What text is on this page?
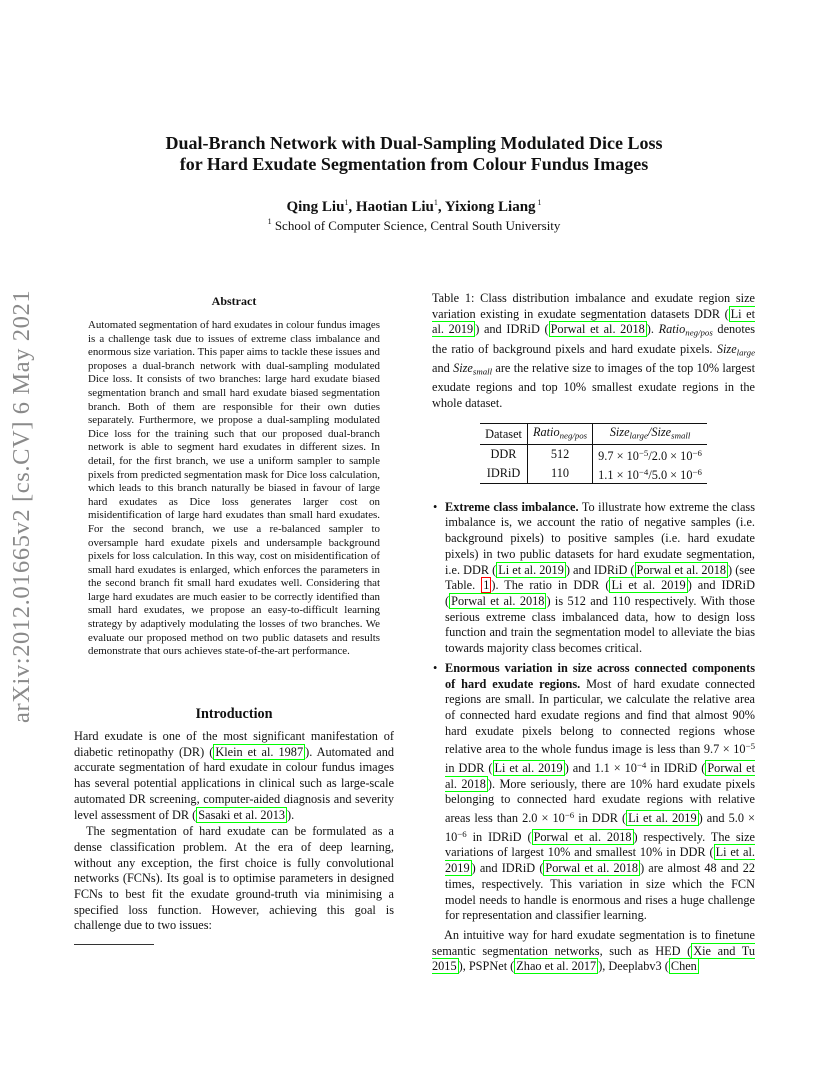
arXiv:2012.01665v2 [cs.CV] 6 May 2021
Dual-Branch Network with Dual-Sampling Modulated Dice Loss
for Hard Exudate Segmentation from Colour Fundus Images
Qing Liu$^1$, Haotian Liu$^1$, Yixiong Liang $^1$
$^1$ School of Computer Science, Central South University
Abstract
Automated segmentation of hard exudates in colour fundus images is a challenge task due to issues of extreme class imbalance and enormous size variation. This paper aims to tackle these issues and proposes a dual-branch network with dual-sampling modulated Dice loss. It consists of two branches: large hard exudate biased segmentation branch and small hard exudate biased segmentation branch. Both of them are responsible for their own duties separately. Furthermore, we propose a dual-sampling modulated Dice loss for the training such that our proposed dual-branch network is able to segment hard exudates in different sizes. In detail, for the first branch, we use a uniform sampler to sample pixels from predicted segmentation mask for Dice loss calculation, which leads to this branch naturally be biased in favour of large hard exudates as Dice loss generates larger cost on misidentification of large hard exudates than small hard exudates. For the second branch, we use a re-balanced sampler to oversample hard exudate pixels and undersample background pixels for loss calculation. In this way, cost on misidentification of small hard exudates is enlarged, which enforces the parameters in the second branch fit small hard exudates well. Considering that large hard exudates are much easier to be correctly identified than small hard exudates, we propose an easy-to-difficult learning strategy by adaptively modulating the losses of two branches. We evaluate our proposed method on two public datasets and results demonstrate that ours achieves state-of-the-art performance.
Introduction

Hard exudate is one of the most significant manifestation of diabetic retinopathy (DR) ( Klein et al. 1987 ). Automated and accurate segmentation of hard exudate in colour fundus images has several potential applications in clinical such as large-scale automated DR screening, computer-aided diagnosis and severity level assessment of DR ( Sasaki et al. 2013 ).

The segmentation of hard exudate can be formulated as a dense classification problem. At the era of deep learning, without any exception, the first choice is fully convolutional networks (FCNs). Its goal is to optimise parameters in designed FCNs to best fit the exudate ground-truth via minimising a specified loss function. However, achieving this goal is challenge due to two issues:

Table 1: Class distribution imbalance and exudate region size variation existing in exudate segmentation datasets DDR ( Li et al. 2019 ) and IDRiD ( Porwal et al. 2018 ). Ratio$_{neg/pos}$ denotes the ratio of background pixels and hard exudate pixels. Size$_{large}$ and Size$_{small}$ are the relative size to images of the top 10% largest exudate regions and top 10% smallest exudate regions in the whole dataset.

Dataset	Ratio$_{neg/pos}$	Size$_{large}$/Size$_{small}$
DDR	512	$9.7 \times 10^{-5}/2.0 \times 10^{-6}$
IDRiD	110	$1.1 \times 10^{-4}/5.0 \times 10^{-6}$
• Extreme class imbalance. To illustrate how extreme the class imbalance is, we account the ratio of negative samples (i.e. background pixels) to positive samples (i.e. hard exudate pixels) in two public datasets for hard exudate segmentation, i.e. DDR ( Li et al. 2019 ) and IDRiD ( Porwal et al. 2018 ) (see Table. 1 ). The ratio in DDR ( Li et al. 2019 ) and IDRiD ( Porwal et al. 2018 ) is 512 and 110 respectively. With those serious extreme class imbalanced data, how to design loss function and train the segmentation model to alleviate the bias towards majority class becomes critical.
• Enormous variation in size across connected components of hard exudate regions. Most of hard exudate connected regions are small. In particular, we calculate the relative area of connected hard exudate regions and find that almost 90% hard exudate pixels belong to connected regions whose relative area to the whole fundus image is less than $9.7 \times 10^{-5}$ in DDR ( Li et al. 2019 ) and $1.1 \times 10^{-4}$ in IDRiD ( Porwal et al. 2018 ). More seriously, there are 10% hard exudate pixels belonging to connected hard exudate regions with relative areas less than $2.0 \times 10^{-6}$ in DDR ( Li et al. 2019 ) and $5.0 \times 10^{-6}$ in IDRiD ( Porwal et al. 2018 ) respectively. The size variations of largest 10% and smallest 10% in DDR ( Li et al. 2019 ) and IDRiD ( Porwal et al. 2018 ) are almost 48 and 22 times, respectively. This variation in size which the FCN model needs to handle is enormous and rises a huge challenge for representation and classifier learning.

An intuitive way for hard exudate segmentation is to finetune semantic segmentation networks, such as HED ( Xie and Tu 2015 ), PSPNet ( Zhao et al. 2017 ), Deeplabv3 ( Chen
